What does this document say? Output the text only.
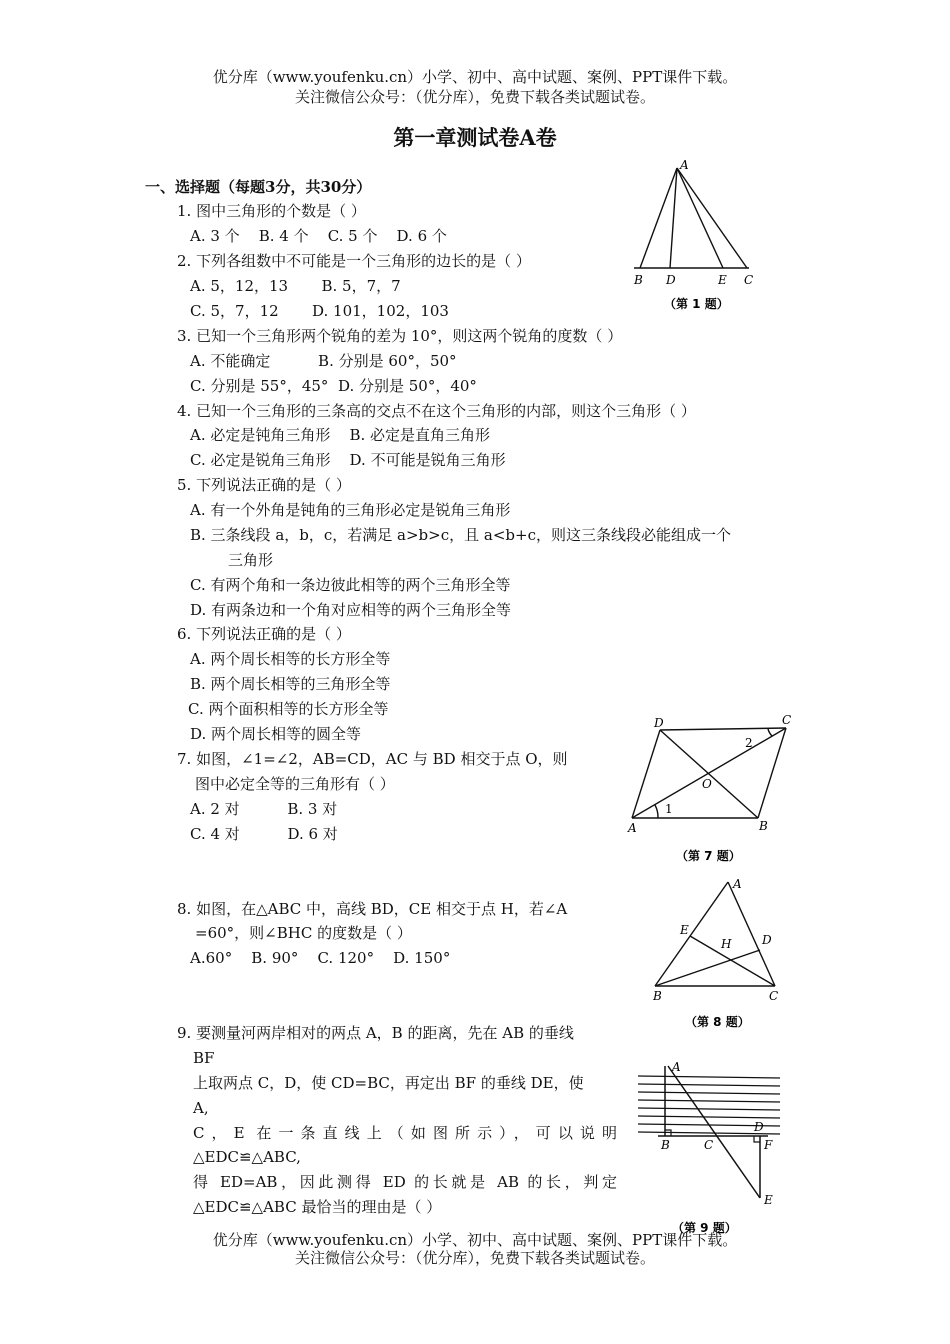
优分库（www.youfenku.cn）小学、初中、高中试题、案例、PPT课件下载。
关注微信公众号：（优分库），免费下载各类试题试卷。
第一章测试卷A卷
一、选择题（每题3分，共30分）
1. 图中三角形的个数是（ ）
A. 3 个    B. 4 个    C. 5 个    D. 6 个
2. 下列各组数中不可能是一个三角形的边长的是（ ）
A. 5，12，13       B. 5，7，7
C. 5，7，12       D. 101，102，103
3. 已知一个三角形两个锐角的差为 10°，则这两个锐角的度数（ ）
A. 不能确定          B. 分别是 60°，50°
C. 分别是 55°，45°  D. 分别是 50°，40°
4. 已知一个三角形的三条高的交点不在这个三角形的内部，则这个三角形（ ）
A. 必定是钝角三角形    B. 必定是直角三角形
C. 必定是锐角三角形    D. 不可能是锐角三角形
5. 下列说法正确的是（ ）
A. 有一个外角是钝角的三角形必定是锐角三角形
B. 三条线段 a，b，c，若满足 a>b>c，且 a<b+c，则这三条线段必能组成一个
三角形
C. 有两个角和一条边彼此相等的两个三角形全等
D. 有两条边和一个角对应相等的两个三角形全等
6. 下列说法正确的是（ ）
A. 两个周长相等的长方形全等
B. 两个周长相等的三角形全等
C. 两个面积相等的长方形全等
D. 两个周长相等的圆全等
7. 如图，∠1=∠2，AB=CD，AC 与 BD 相交于点 O，则
图中必定全等的三角形有（ ）
A. 2 对          B. 3 对
C. 4 对          D. 6 对
8. 如图，在△ABC 中，高线 BD，CE 相交于点 H，若∠A
=60°，则∠BHC 的度数是（ ）
A.60°    B. 90°    C. 120°    D. 150°
9. 要测量河两岸相对的两点 A，B 的距离，先在 AB 的垂线
BF
上取两点 C，D，使 CD=BC，再定出 BF 的垂线 DE，使
A,
C，E 在一条直线上（如图所示），可以说明
△EDC≌△ABC,
得 ED=AB，因此测得 ED 的长就是 AB 的长，判定
△EDC≌△ABC 最恰当的理由是（ ）
A
B D	E C
（第 1 题）
D	C
A	B
O
1
2
（第 7 题）
A
E
H	D
B	C
（第 8 题）
A
B	C
D
F
E
（第 9 题）
优分库（www.youfenku.cn）小学、初中、高中试题、案例、PPT课件下载。
关注微信公众号：（优分库），免费下载各类试题试卷。
